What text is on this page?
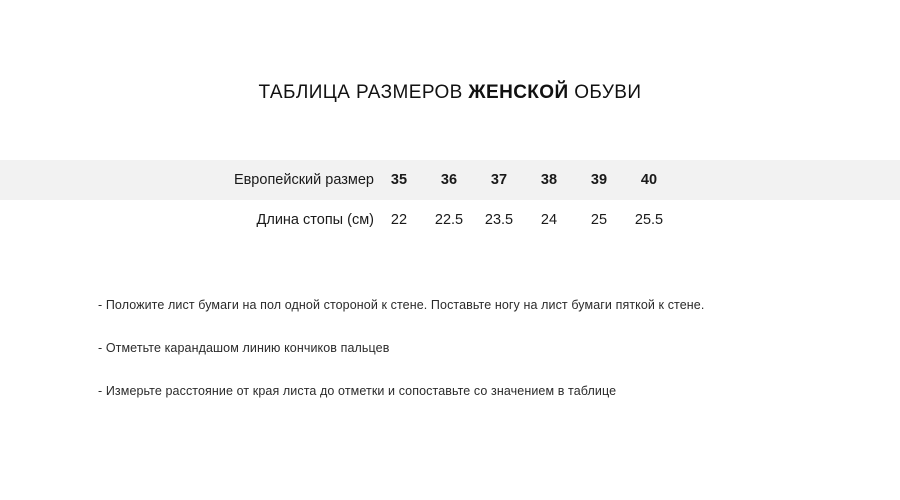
ТАБЛИЦА РАЗМЕРОВ ЖЕНСКОЙ ОБУВИ
Европейский размер	35	36	37	38	39	40	
Длина стопы (см)	22	22.5	23.5	24	25	25.5	

- Положите лист бумаги на пол одной стороной к стене. Поставьте ногу на лист бумаги пяткой к стене.

- Отметьте карандашом линию кончиков пальцев

- Измерьте расстояние от края листа до отметки и сопоставьте со значением в таблице
